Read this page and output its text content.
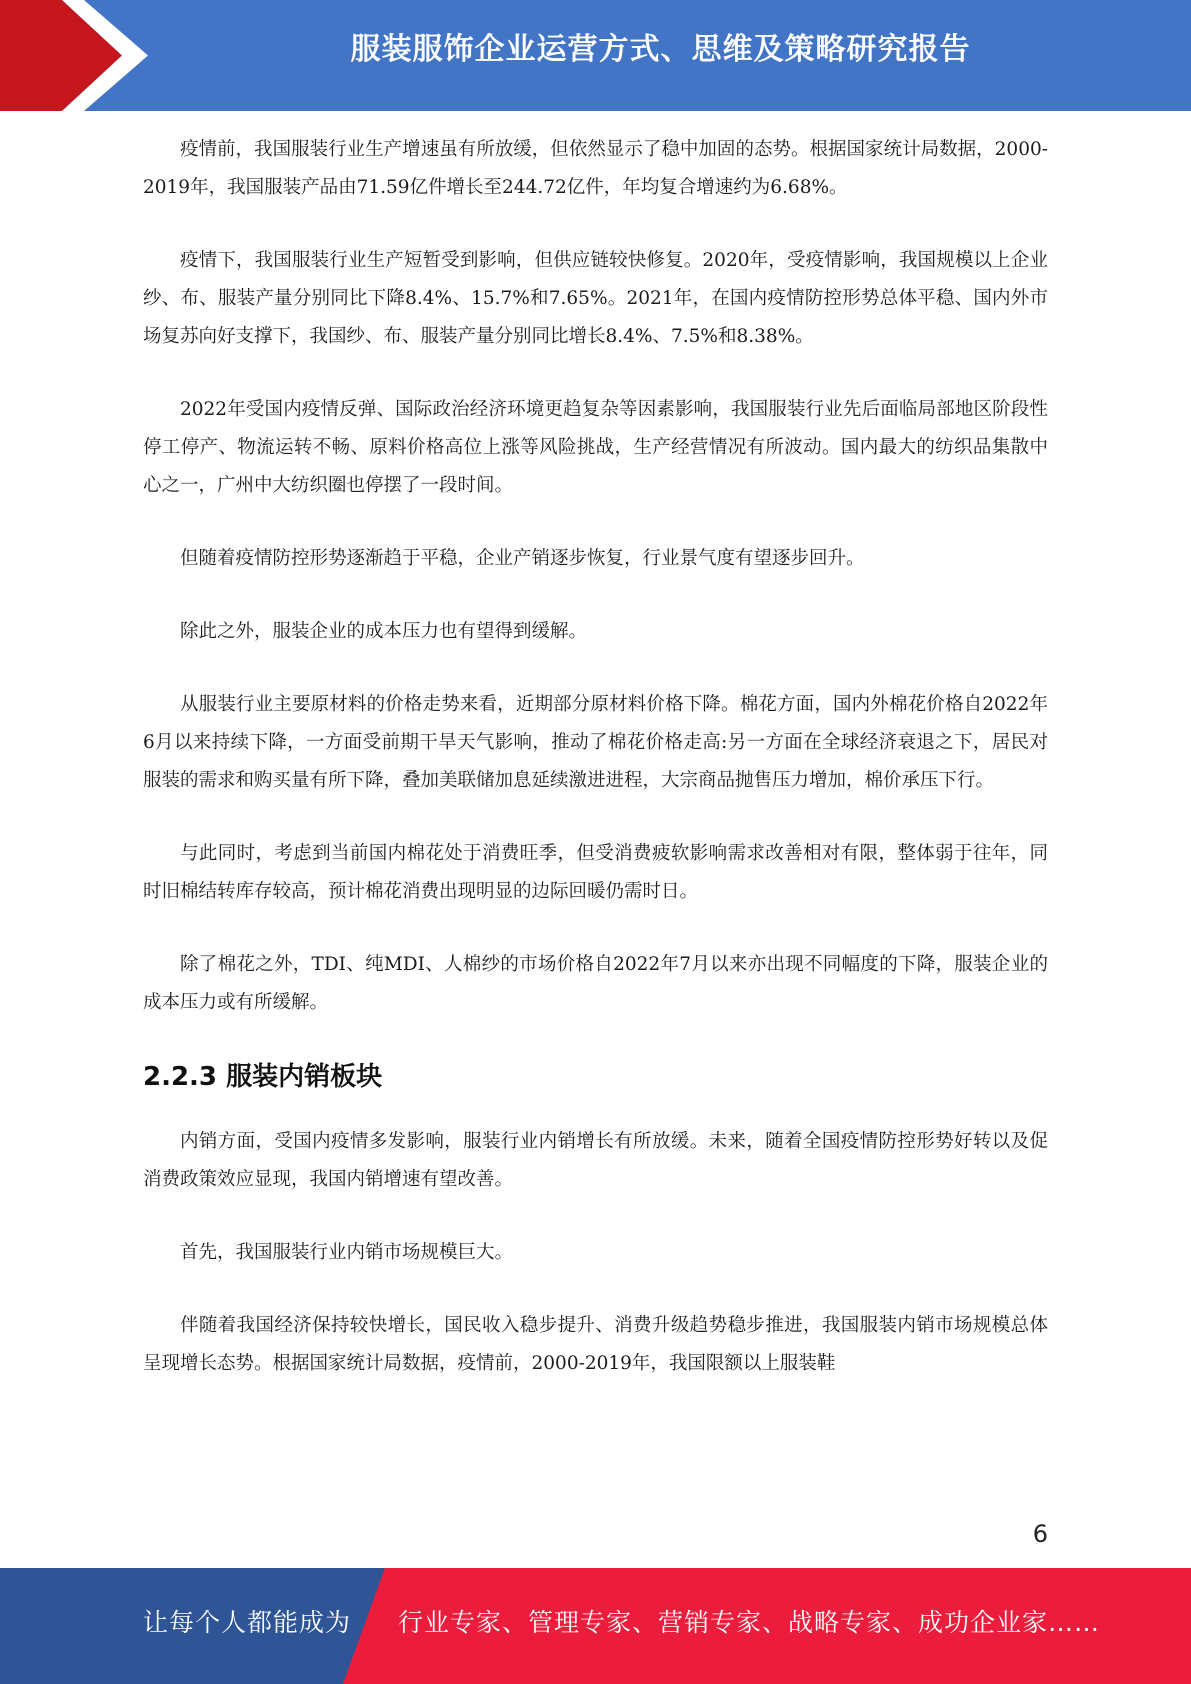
服装服饰企业运营方式、思维及策略研究报告

疫情前，我国服装行业生产增速虽有所放缓，但依然显示了稳中加固的态势。根据国家统计局数据，2000-2019年，我国服装产品由71.59亿件增长至244.72亿件，年均复合增速约为6.68%。

疫情下，我国服装行业生产短暂受到影响，但供应链较快修复。2020年，受疫情影响，我国规模以上企业纱、布、服装产量分别同比下降8.4%、15.7%和7.65%。2021年，在国内疫情防控形势总体平稳、国内外市场复苏向好支撑下，我国纱、布、服装产量分别同比增长8.4%、7.5%和8.38%。

2022年受国内疫情反弹、国际政治经济环境更趋复杂等因素影响，我国服装行业先后面临局部地区阶段性停工停产、物流运转不畅、原料价格高位上涨等风险挑战，生产经营情况有所波动。国内最大的纺织品集散中心之一，广州中大纺织圈也停摆了一段时间。

但随着疫情防控形势逐渐趋于平稳，企业产销逐步恢复，行业景气度有望逐步回升。

除此之外，服装企业的成本压力也有望得到缓解。

从服装行业主要原材料的价格走势来看，近期部分原材料价格下降。棉花方面，国内外棉花价格自2022年6月以来持续下降，一方面受前期干旱天气影响，推动了棉花价格走高:另一方面在全球经济衰退之下，居民对服装的需求和购买量有所下降，叠加美联储加息延续激进进程，大宗商品抛售压力增加，棉价承压下行。

与此同时，考虑到当前国内棉花处于消费旺季，但受消费疲软影响需求改善相对有限，整体弱于往年，同时旧棉结转库存较高，预计棉花消费出现明显的边际回暖仍需时日。

除了棉花之外，TDI、纯MDI、人棉纱的市场价格自2022年7月以来亦出现不同幅度的下降，服装企业的成本压力或有所缓解。

2.2.3 服装内销板块

内销方面，受国内疫情多发影响，服装行业内销增长有所放缓。未来，随着全国疫情防控形势好转以及促消费政策效应显现，我国内销增速有望改善。

首先，我国服装行业内销市场规模巨大。

伴随着我国经济保持较快增长，国民收入稳步提升、消费升级趋势稳步推进，我国服装内销市场规模总体呈现增长态势。根据国家统计局数据，疫情前，2000-2019年，我国限额以上服装鞋

6
让每个人都能成为 行业专家、管理专家、营销专家、战略专家、成功企业家……
